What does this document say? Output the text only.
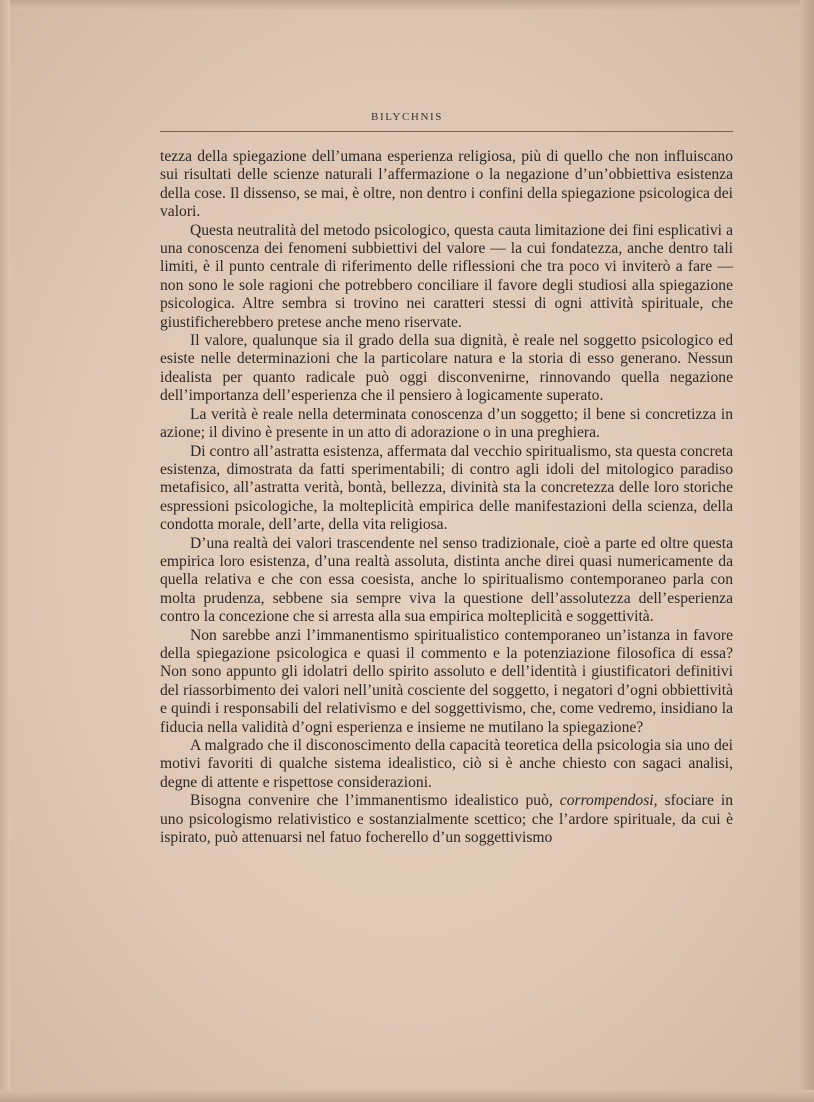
BILYCHNIS

tezza della spiegazione dell’umana esperienza religiosa, più di quello che non influiscano sui risultati delle scienze naturali l’affermazione o la negazione d’un’obbiettiva esistenza della cose. Il dissenso, se mai, è oltre, non dentro i confini della spiegazione psicologica dei valori.

Questa neutralità del metodo psicologico, questa cauta limitazione dei fini esplicativi a una conoscenza dei fenomeni subbiettivi del valore — la cui fondatezza, anche dentro tali limiti, è il punto centrale di riferimento delle riflessioni che tra poco vi inviterò a fare — non sono le sole ragioni che potrebbero conciliare il favore degli studiosi alla spiegazione psicologica. Altre sembra si trovino nei caratteri stessi di ogni attività spirituale, che giustificherebbero pretese anche meno riservate.

Il valore, qualunque sia il grado della sua dignità, è reale nel soggetto psicologico ed esiste nelle determinazioni che la particolare natura e la storia di esso generano. Nessun idealista per quanto radicale può oggi disconvenirne, rinnovando quella negazione dell’importanza dell’esperienza che il pensiero à logicamente superato.

La verità è reale nella determinata conoscenza d’un soggetto; il bene si concretizza in azione; il divino è presente in un atto di adorazione o in una preghiera.

Di contro all’astratta esistenza, affermata dal vecchio spiritualismo, sta questa concreta esistenza, dimostrata da fatti sperimentabili; di contro agli idoli del mitologico paradiso metafisico, all’astratta verità, bontà, bellezza, divinità sta la concretezza delle loro storiche espressioni psicologiche, la molteplicità empirica delle manifestazioni della scienza, della condotta morale, dell’arte, della vita religiosa.

D’una realtà dei valori trascendente nel senso tradizionale, cioè a parte ed oltre questa empirica loro esistenza, d’una realtà assoluta, distinta anche direi quasi numericamente da quella relativa e che con essa coesista, anche lo spiritualismo contemporaneo parla con molta prudenza, sebbene sia sempre viva la questione dell’assolutezza dell’esperienza contro la concezione che si arresta alla sua empirica molteplicità e soggettività.

Non sarebbe anzi l’immanentismo spiritualistico contemporaneo un’istanza in favore della spiegazione psicologica e quasi il commento e la potenziazione filosofica di essa? Non sono appunto gli idolatri dello spirito assoluto e dell’identità i giustificatori definitivi del riassorbimento dei valori nell’unità cosciente del soggetto, i negatori d’ogni obbiettività e quindi i responsabili del relativismo e del soggettivismo, che, come vedremo, insidiano la fiducia nella validità d’ogni esperienza e insieme ne mutilano la spiegazione?

A malgrado che il disconoscimento della capacità teoretica della psicologia sia uno dei motivi favoriti di qualche sistema idealistico, ciò si è anche chiesto con sagaci analisi, degne di attente e rispettose considerazioni.

Bisogna convenire che l’immanentismo idealistico può, corrompendosi, sfociare in uno psicologismo relativistico e sostanzialmente scettico; che l’ardore spirituale, da cui è ispirato, può attenuarsi nel fatuo focherello d’un soggettivismo
